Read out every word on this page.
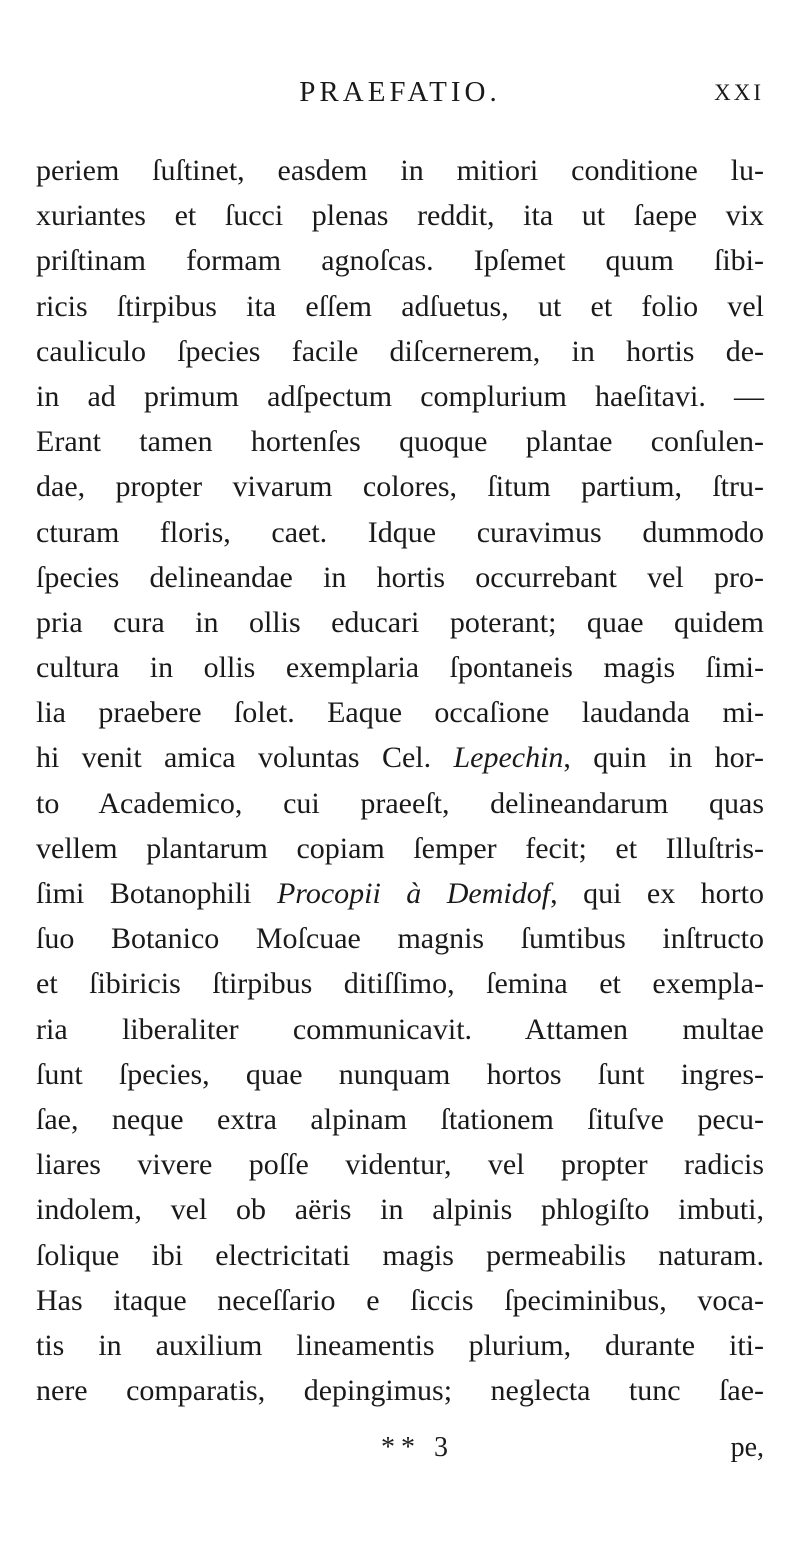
PRAEFATIO.	XXI
periem ſuſtinet, easdem in mitiori conditione lu-
xuriantes et ſucci plenas reddit, ita ut ſaepe vix
priſtinam formam agnoſcas. Ipſemet quum ſibi-
ricis ſtirpibus ita eſſem adſuetus, ut et folio vel
cauliculo ſpecies facile diſcernerem, in hortis de-
in ad primum adſpectum complurium haeſitavi. —
Erant tamen hortenſes quoque plantae conſulen-
dae, propter vivarum colores, ſitum partium, ſtru-
cturam floris, caet. Idque curavimus dummodo
ſpecies delineandae in hortis occurrebant vel pro-
pria cura in ollis educari poterant; quae quidem
cultura in ollis exemplaria ſpontaneis magis ſimi-
lia praebere ſolet. Eaque occaſione laudanda mi-
hi venit amica voluntas Cel. Lepechin, quin in hor-
to Academico, cui praeeſt, delineandarum quas
vellem plantarum copiam ſemper fecit; et Illuſtris-
ſimi Botanophili Procopii à Demidof, qui ex horto
ſuo Botanico Moſcuae magnis ſumtibus inſtructo
et ſibiricis ſtirpibus ditiſſimo, ſemina et exempla-
ria liberaliter communicavit. Attamen multae
ſunt ſpecies, quae nunquam hortos ſunt ingres-
ſae, neque extra alpinam ſtationem ſituſve pecu-
liares vivere poſſe videntur, vel propter radicis
indolem, vel ob aëris in alpinis phlogiſto imbuti,
ſolique ibi electricitati magis permeabilis naturam.
Has itaque neceſſario e ſiccis ſpeciminibus, voca-
tis in auxilium lineamentis plurium, durante iti-
nere comparatis, depingimus; neglecta tunc ſae-
** 3	pe,
